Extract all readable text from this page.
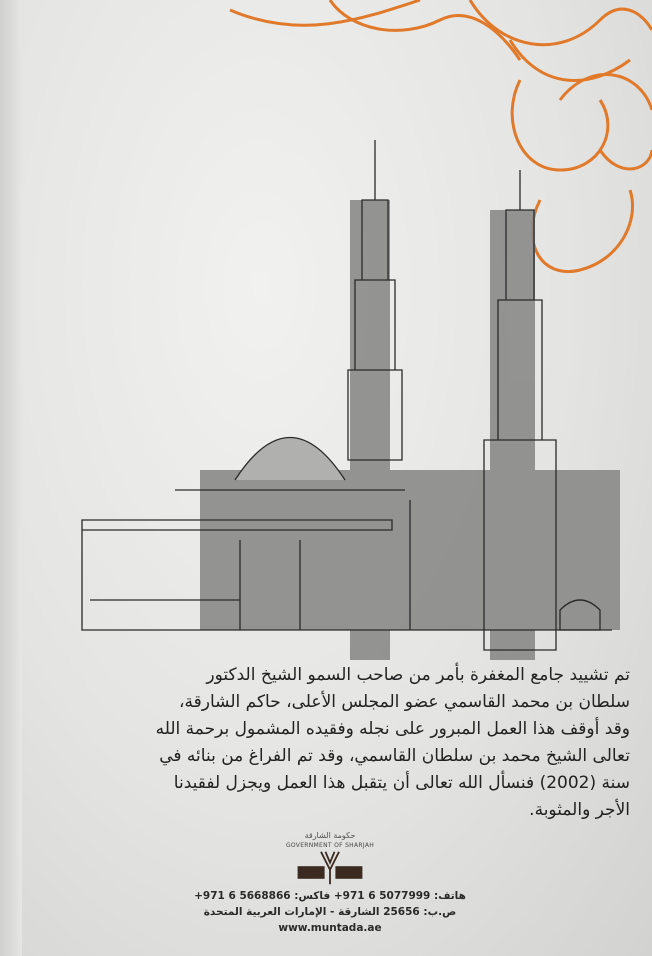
تم تشييد جامع المغفرة بأمر من صاحب السمو الشيخ الدكتور
سلطان بن محمد القاسمي عضو المجلس الأعلى، حاكم الشارقة،
وقد أوقف هذا العمل المبرور على نجله وفقيده المشمول برحمة الله
تعالى الشيخ محمد بن سلطان القاسمي، وقد تم الفراغ من بنائه في
سنة (2002) فنسأل الله تعالى أن يتقبل هذا العمل ويجزل لفقيدنا
الأجر والمثوبة.
حكومة الشارقة
GOVERNMENT OF SHARJAH
هاتف: 5077999 6 971+ فاكس: 5668866 6 971+
ص.ب: 25656 الشارقة - الإمارات العربية المتحدة
www.muntada.ae
